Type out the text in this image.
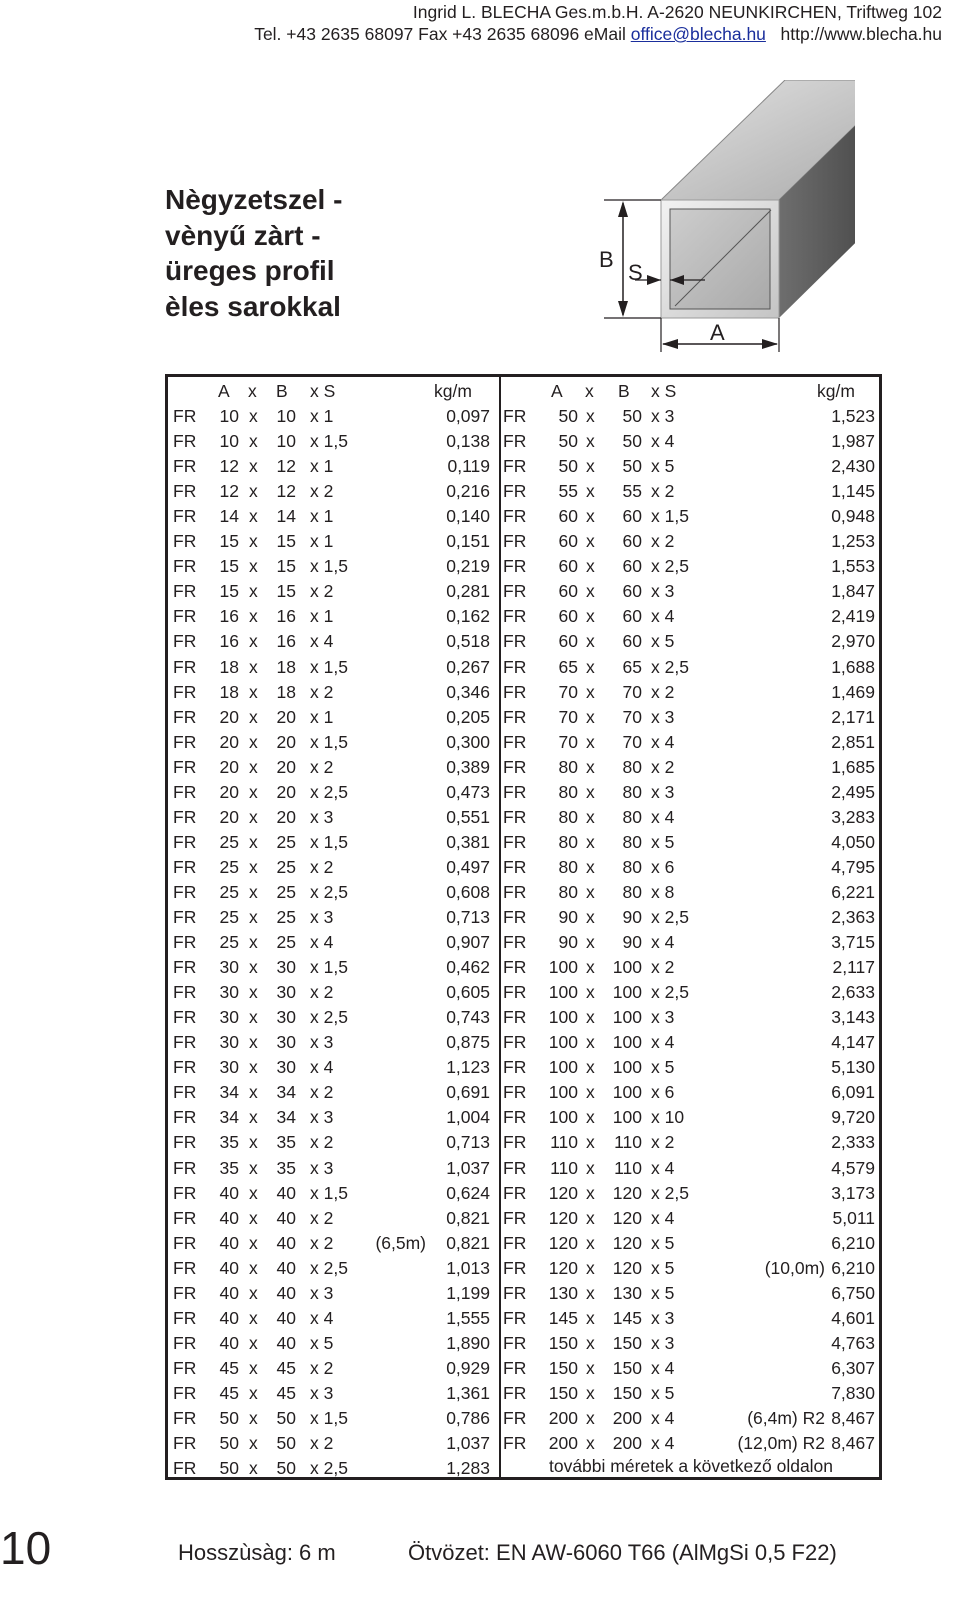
Ingrid L. BLECHA Ges.m.b.H. A-2620 NEUNKIRCHEN, Triftweg 102
Tel. +43 2635 68097 Fax +43 2635 68096 eMail office@blecha.hu http://www.blecha.hu
Nègyzetszel -
vènyű zàrt -
üreges profil
èles sarokkal
B
S
A
A x B x S	kg/m	A x B x S	kg/m
FR	10 x	10 x 1	0,097
FR	10 x	10 x 1,5	0,138
FR	12 x	12 x 1	0,119
FR	12 x	12 x 2	0,216
FR	14 x	14 x 1	0,140
FR	15 x	15 x 1	0,151
FR	15 x	15 x 1,5	0,219
FR	15 x	15 x 2	0,281
FR	16 x	16 x 1	0,162
FR	16 x	16 x 4	0,518
FR	18 x	18 x 1,5	0,267
FR	18 x	18 x 2	0,346
FR	20 x	20 x 1	0,205
FR	20 x	20 x 1,5	0,300
FR	20 x	20 x 2	0,389
FR	20 x	20 x 2,5	0,473
FR	20 x	20 x 3	0,551
FR	25 x	25 x 1,5	0,381
FR	25 x	25 x 2	0,497
FR	25 x	25 x 2,5	0,608
FR	25 x	25 x 3	0,713
FR	25 x	25 x 4	0,907
FR	30 x	30 x 1,5	0,462
FR	30 x	30 x 2	0,605
FR	30 x	30 x 2,5	0,743
FR	30 x	30 x 3	0,875
FR	30 x	30 x 4	1,123
FR	34 x	34 x 2	0,691
FR	34 x	34 x 3	1,004
FR	35 x	35 x 2	0,713
FR	35 x	35 x 3	1,037
FR	40 x	40 x 1,5	0,624
FR	40 x	40 x 2	0,821
FR	40 x	40 x 2	(6,5m)	0,821
FR	40 x	40 x 2,5	1,013
FR	40 x	40 x 3	1,199
FR	40 x	40 x 4	1,555
FR	40 x	40 x 5	1,890
FR	45 x	45 x 2	0,929
FR	45 x	45 x 3	1,361
FR	50 x	50 x 1,5	0,786
FR	50 x	50 x 2	1,037
FR	50 x	50 x 2,5	1,283
FR	50 x	50 x 3	1,523
FR	50 x	50 x 4	1,987
FR	50 x	50 x 5	2,430
FR	55 x	55 x 2	1,145
FR	60 x	60 x 1,5	0,948
FR	60 x	60 x 2	1,253
FR	60 x	60 x 2,5	1,553
FR	60 x	60 x 3	1,847
FR	60 x	60 x 4	2,419
FR	60 x	60 x 5	2,970
FR	65 x	65 x 2,5	1,688
FR	70 x	70 x 2	1,469
FR	70 x	70 x 3	2,171
FR	70 x	70 x 4	2,851
FR	80 x	80 x 2	1,685
FR	80 x	80 x 3	2,495
FR	80 x	80 x 4	3,283
FR	80 x	80 x 5	4,050
FR	80 x	80 x 6	4,795
FR	80 x	80 x 8	6,221
FR	90 x	90 x 2,5	2,363
FR	90 x	90 x 4	3,715
FR	100 x	100 x 2	2,117
FR	100 x	100 x 2,5	2,633
FR	100 x	100 x 3	3,143
FR	100 x	100 x 4	4,147
FR	100 x	100 x 5	5,130
FR	100 x	100 x 6	6,091
FR	100 x	100 x 10	9,720
FR	110 x	110 x 2	2,333
FR	110 x	110 x 4	4,579
FR	120 x	120 x 2,5	3,173
FR	120 x	120 x 4	5,011
FR	120 x	120 x 5	6,210
FR	120 x	120 x 5	(10,0m) 6,210
FR	130 x	130 x 5	6,750
FR	145 x	145 x 3	4,601
FR	150 x	150 x 3	4,763
FR	150 x	150 x 4	6,307
FR	150 x	150 x 5	7,830
FR	200 x	200 x 4	(6,4m) R2 8,467
FR	200 x	200 x 4	(12,0m) R2 8,467
további méretek a következő oldalon
10	Hosszùsàg: 6 m	Ötvözet: EN AW-6060 T66 (AlMgSi 0,5 F22)
